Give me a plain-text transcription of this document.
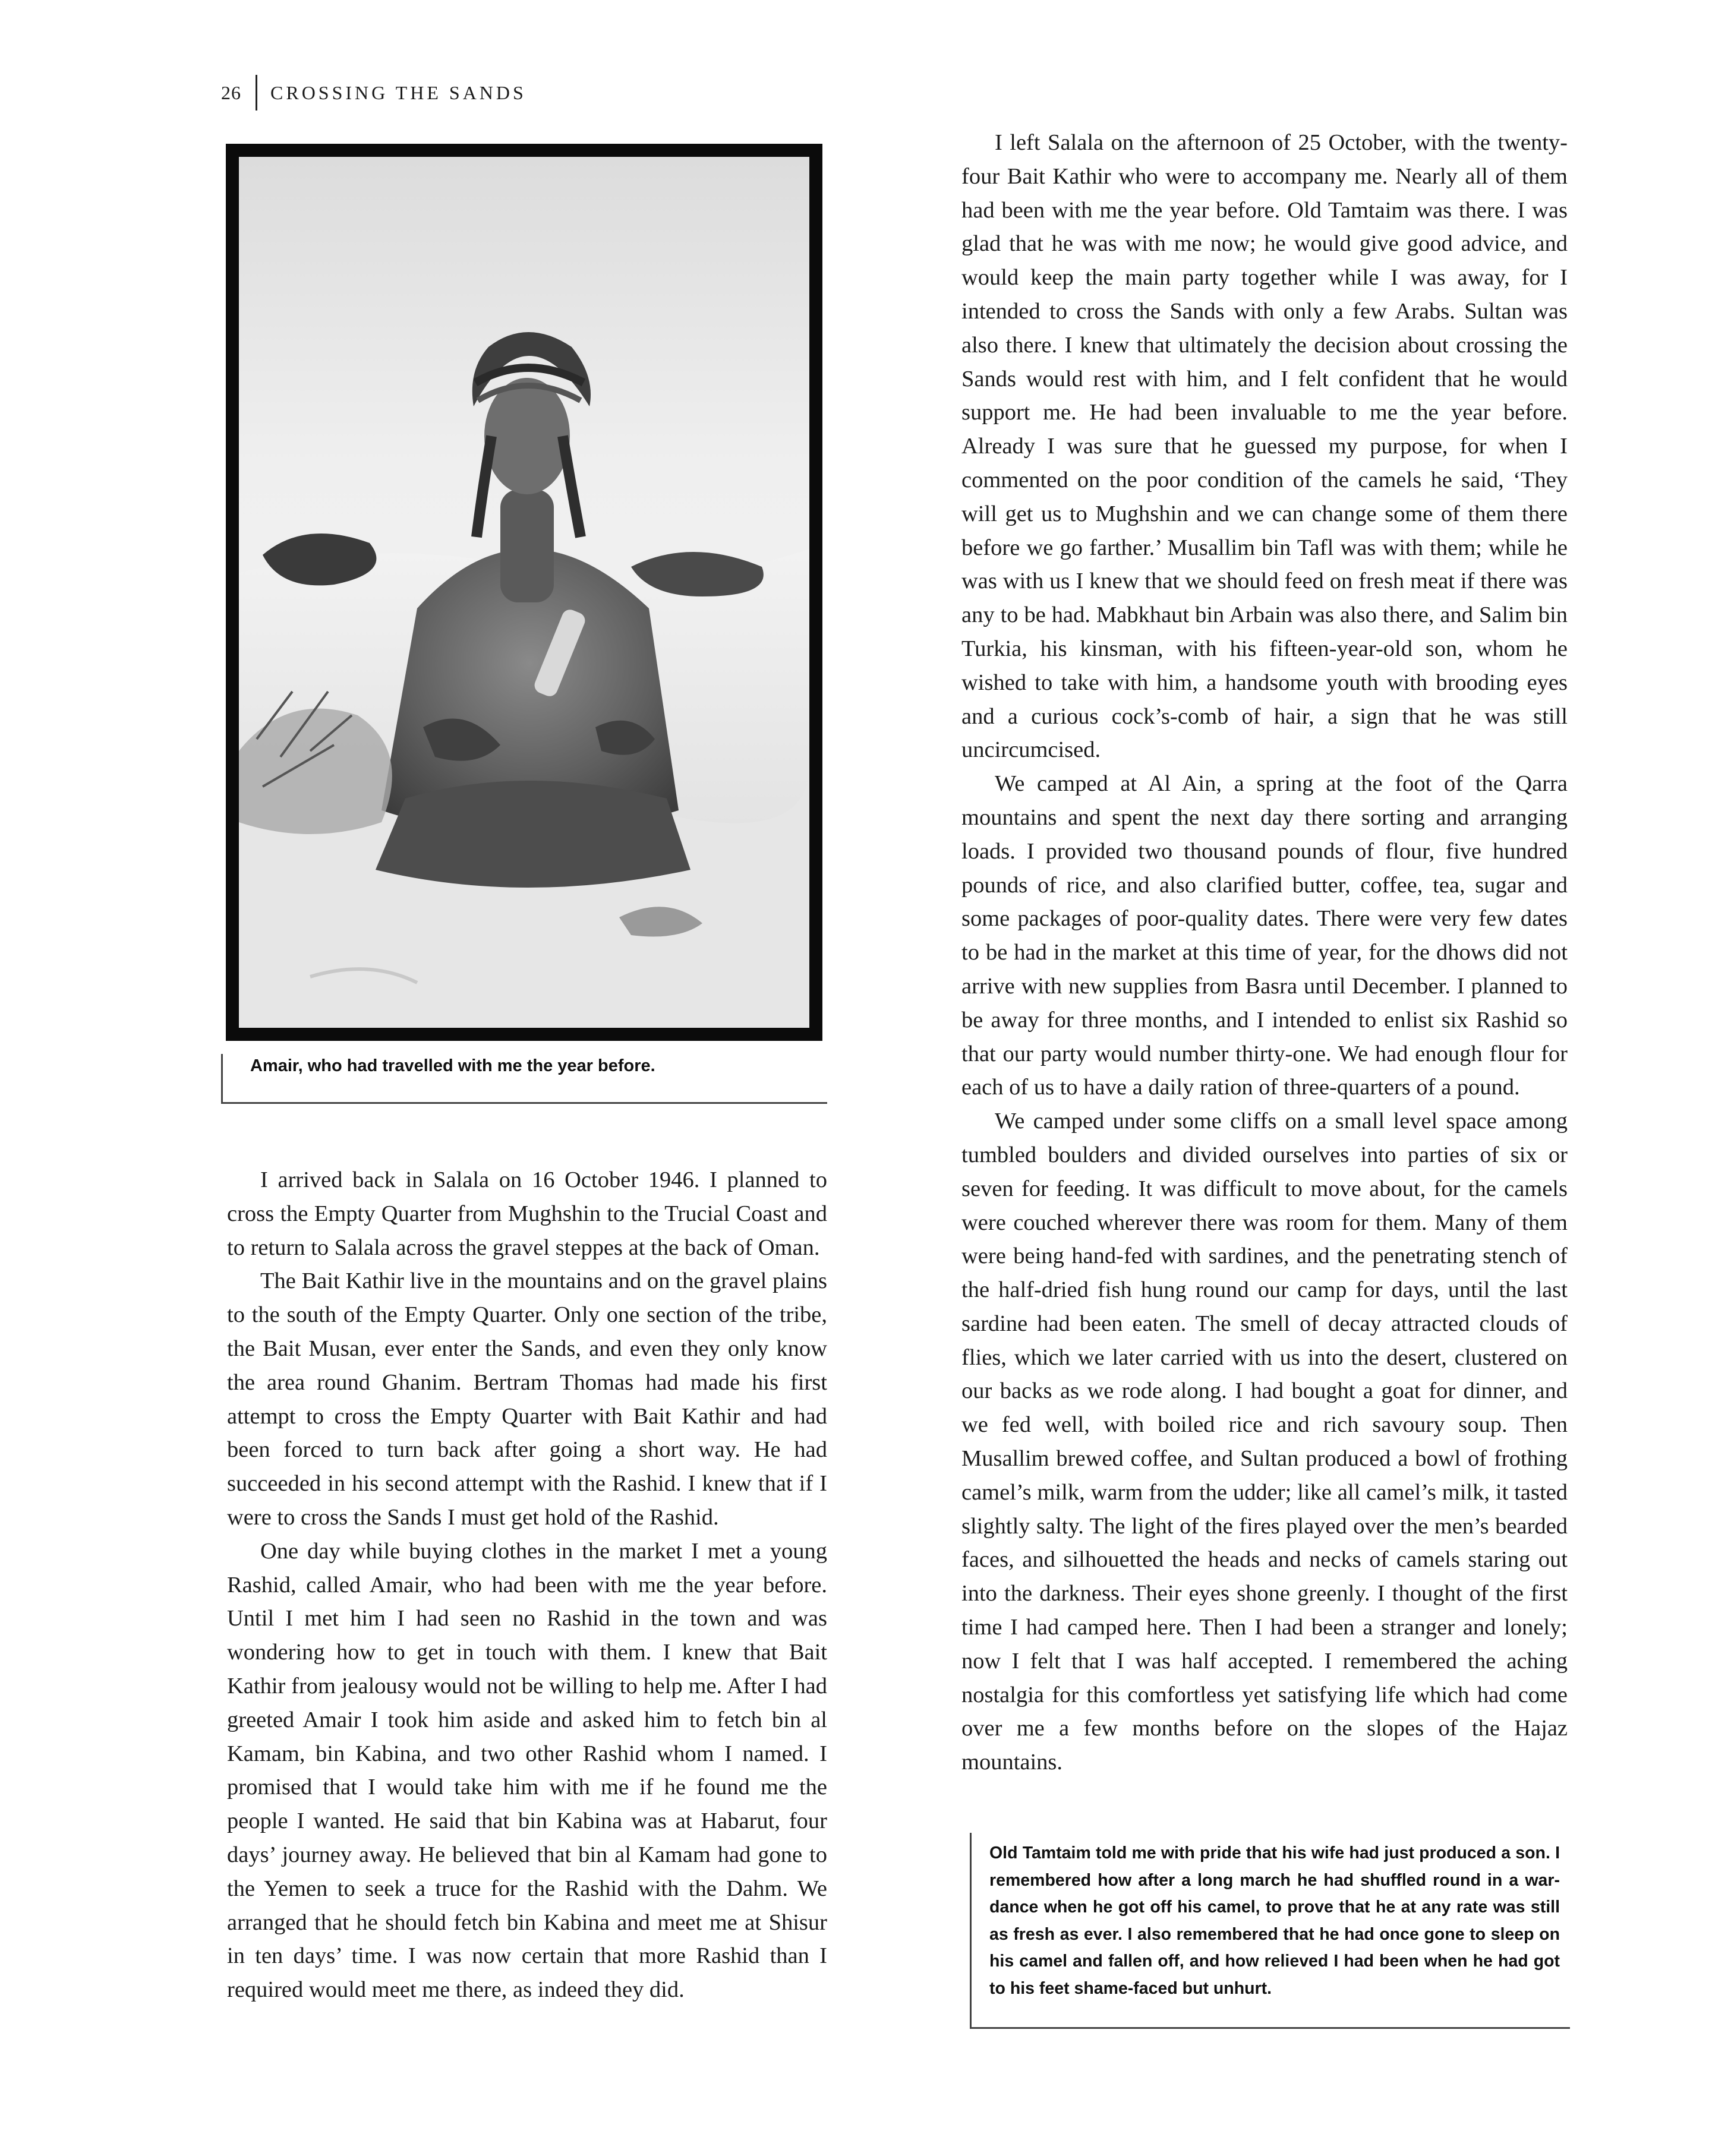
26 CROSSING THE SANDS
Amair, who had travelled with me the year before.

I arrived back in Salala on 16 October 1946. I planned to cross the Empty Quarter from Mughshin to the Trucial Coast and to return to Salala across the gravel steppes at the back of Oman.

The Bait Kathir live in the mountains and on the gravel plains to the south of the Empty Quarter. Only one section of the tribe, the Bait Musan, ever enter the Sands, and even they only know the area round Ghanim. Bertram Thomas had made his first attempt to cross the Empty Quarter with Bait Kathir and had been forced to turn back after going a short way. He had succeeded in his second attempt with the Rashid. I knew that if I were to cross the Sands I must get hold of the Rashid.

One day while buying clothes in the market I met a young Rashid, called Amair, who had been with me the year before. Until I met him I had seen no Rashid in the town and was wondering how to get in touch with them. I knew that Bait Kathir from jealousy would not be willing to help me. After I had greeted Amair I took him aside and asked him to fetch bin al Kamam, bin Kabina, and two other Rashid whom I named. I promised that I would take him with me if he found me the people I wanted. He said that bin Kabina was at Habarut, four days’ journey away. He believed that bin al Kamam had gone to the Yemen to seek a truce for the Rashid with the Dahm. We arranged that he should fetch bin Kabina and meet me at Shisur in ten days’ time. I was now certain that more Rashid than I required would meet me there, as indeed they did.

I left Salala on the afternoon of 25 October, with the twenty-four Bait Kathir who were to accompany me. Nearly all of them had been with me the year before. Old Tamtaim was there. I was glad that he was with me now; he would give good advice, and would keep the main party together while I was away, for I intended to cross the Sands with only a few Arabs. Sultan was also there. I knew that ultimately the decision about crossing the Sands would rest with him, and I felt confident that he would support me. He had been invaluable to me the year before. Already I was sure that he guessed my purpose, for when I commented on the poor condition of the camels he said, ‘They will get us to Mughshin and we can change some of them there before we go farther.’ Musallim bin Tafl was with them; while he was with us I knew that we should feed on fresh meat if there was any to be had. Mabkhaut bin Arbain was also there, and Salim bin Turkia, his kinsman, with his fifteen-year-old son, whom he wished to take with him, a handsome youth with brooding eyes and a curious cock’s-comb of hair, a sign that he was still uncircumcised.

We camped at Al Ain, a spring at the foot of the Qarra mountains and spent the next day there sorting and arranging loads. I provided two thousand pounds of flour, five hundred pounds of rice, and also clarified butter, coffee, tea, sugar and some packages of poor-quality dates. There were very few dates to be had in the market at this time of year, for the dhows did not arrive with new supplies from Basra until December. I planned to be away for three months, and I intended to enlist six Rashid so that our party would number thirty-one. We had enough flour for each of us to have a daily ration of three-quarters of a pound.

We camped under some cliffs on a small level space among tumbled boulders and divided ourselves into parties of six or seven for feeding. It was difficult to move about, for the camels were couched wherever there was room for them. Many of them were being hand-fed with sardines, and the penetrating stench of the half-dried fish hung round our camp for days, until the last sardine had been eaten. The smell of decay attracted clouds of flies, which we later carried with us into the desert, clustered on our backs as we rode along. I had bought a goat for dinner, and we fed well, with boiled rice and rich savoury soup. Then Musallim brewed coffee, and Sultan produced a bowl of frothing camel’s milk, warm from the udder; like all camel’s milk, it tasted slightly salty. The light of the fires played over the men’s bearded faces, and silhouetted the heads and necks of camels staring out into the darkness. Their eyes shone greenly. I thought of the first time I had camped here. Then I had been a stranger and lonely; now I felt that I was half accepted. I remembered the aching nostalgia for this comfortless yet satisfying life which had come over me a few months before on the slopes of the Hajaz mountains.

Old Tamtaim told me with pride that his wife had just produced a son. I remembered how after a long march he had shuffled round in a war-dance when he got off his camel, to prove that he at any rate was still as fresh as ever. I also remembered that he had once gone to sleep on his camel and fallen off, and how relieved I had been when he had got to his feet shame-faced but unhurt.
